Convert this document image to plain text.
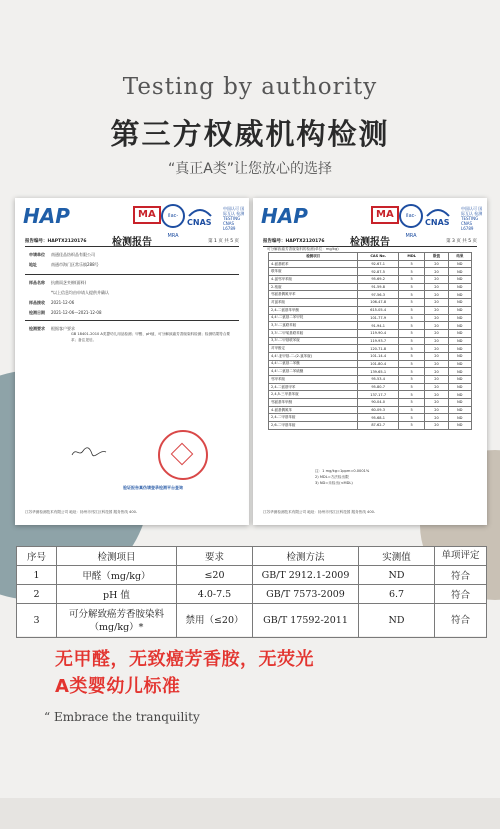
Testing by authority
第三方权威机构检测
“真正A类”让您放心的选择
HAP	MA	ilac-MRA
CNAS
中国认可 国际互认 检测 TESTING CNAS L6789
检测报告
报告编号：HAPTX2120176	第 1 页 共 5 页
申请单位 南通佳品纺织品有限公司
地址	南通市海门区常乐镇288号
样品名称 抗菌雨芝夹棉(面料)
*以上信息均由申请人提供并确认
样品接收 2021-12-06
检测日期 2021-12-06—2021-12-08
检测要求 根据客户要求
GB 18401-2010 A类婴幼儿用品检测；甲醛、pH值、可分解致癌芳香胺染料检测；检测结果符合要求；备注见后。
验证报告真伪请登录检测平台查询
江苏华测检测技术有限公司 地址：扬州市邗江区科技园 服务热线 400-
HAP	MA	ilac-MRA
CNAS
中国认可 国际互认 检测 TESTING CNAS L6789
检测报告
报告编号：HAPTX2120176	第 3 页 共 5 页
可分解致癌芳香胺染料的检测(单位：mg/kg)
检测项目	CAS No.	MDL	限值	结果
4-氨基联苯	92-67-1	5	20	ND
联苯胺	92-87-5	5	20	ND
4-氯邻甲苯胺	95-69-2	5	20	ND
2-萘胺	91-59-8	5	20	ND
邻氨基偶氮甲苯	97-56-3	5	20	ND
对氯苯胺	106-47-8	5	20	ND
2,4-二氨基苯甲醚	615-05-4	5	20	ND
4,4'-二氨基二苯甲烷	101-77-9	5	20	ND
3,3'-二氯联苯胺	91-94-1	5	20	ND
3,3'-二甲氧基联苯胺	119-90-4	5	20	ND
3,3'-二甲基联苯胺	119-93-7	5	20	ND
对甲酚定	120-71-8	5	20	ND
4,4'-亚甲基-二-(2-氯苯胺)	101-14-4	5	20	ND
4,4'-二氨基二苯醚	101-80-4	5	20	ND
4,4'-二氨基二苯硫醚	139-65-1	5	20	ND
邻甲苯胺	95-53-4	5	20	ND
2,4-二氨基甲苯	95-80-7	5	20	ND
2,4,5-三甲基苯胺	137-17-7	5	20	ND
邻氨基苯甲醚	90-04-0	5	20	ND
4-氨基偶氮苯	60-09-3	5	20	ND
2,4-二甲基苯胺	95-68-1	5	20	ND
2,6-二甲基苯胺	87-62-7	5	20	ND
注：1 mg/kg=1ppm=0.0001%
2) MDL=方法检出限
3) ND=未检出(<MDL)
江苏华测检测技术有限公司 地址：扬州市邗江区科技园 服务热线 400-
序号	检测项目	要求	检测方法	实测值	单项评定
1	甲醛（mg/kg）	≤20	GB/T 2912.1-2009	ND	符合
2	pH 值	4.0-7.5	GB/T 7573-2009	6.7	符合
3	可分解致癌芳香胺染料（mg/kg）*	禁用（≤20）	GB/T 17592-2011	ND	符合
无甲醛，无致癌芳香胺，无荧光
A类婴幼儿标准
“ Embrace the tranquility
